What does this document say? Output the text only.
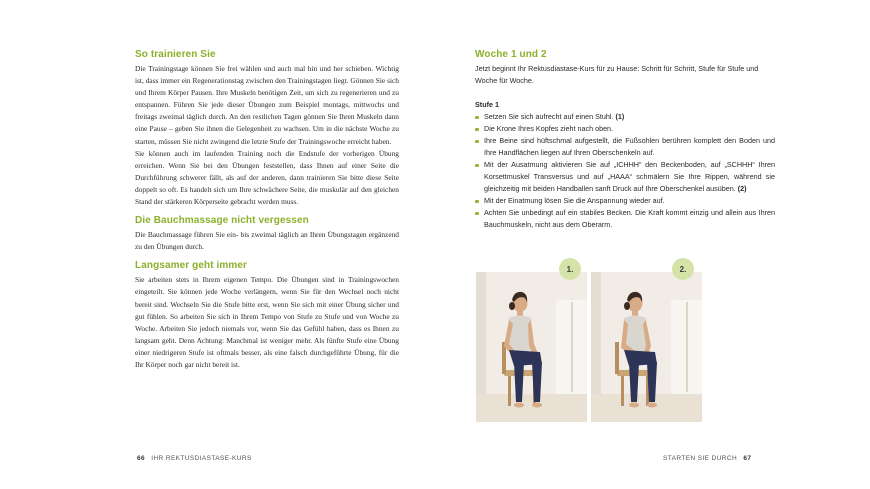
So trainieren Sie

Die Trainingstage können Sie frei wählen und auch mal hin und her schieben. Wichtig ist, dass immer ein Regenerationstag zwischen den Trainingstagen liegt. Gönnen Sie sich und Ihrem Körper Pausen. Ihre Muskeln benötigen Zeit, um sich zu regenerieren und zu entspannen. Führen Sie jede dieser Übungen zum Beispiel montags, mittwochs und freitags zweimal täglich durch. An den restlichen Tagen gönnen Sie Ihren Muskeln dann eine Pause – geben Sie ihnen die Gelegenheit zu wachsen. Um in die nächste Woche zu starten, müssen Sie nicht zwingend die letzte Stufe der Trainingswoche erreicht haben.

Sie können auch im laufenden Training noch die Endstufe der vorherigen Übung erreichen. Wenn Sie bei den Übungen feststellen, dass Ihnen auf einer Seite die Durchführung schwerer fällt, als auf der anderen, dann trainieren Sie bitte diese Seite doppelt so oft. Es handelt sich um Ihre schwächere Seite, die muskulär auf den gleichen Stand der stärkeren Körperseite gebracht werden muss.

Die Bauchmassage nicht vergessen

Die Bauchmassage führen Sie ein- bis zweimal täglich an Ihren Übungstagen ergänzend zu den Übungen durch.

Langsamer geht immer

Sie arbeiten stets in Ihrem eigenen Tempo. Die Übungen sind in Trainingswochen eingeteilt. Sie können jede Woche verlängern, wenn Sie für den Wechsel noch nicht bereit sind. Wechseln Sie die Stufe bitte erst, wenn Sie sich mit einer Übung sicher und gut fühlen. So arbeiten Sie sich in Ihrem Tempo von Stufe zu Stufe und von Woche zu Woche. Arbeiten Sie jedoch niemals vor, wenn Sie das Gefühl haben, dass es Ihnen zu langsam geht. Denn Achtung: Manchmal ist weniger mehr. Als fünfte Stufe eine Übung einer niedrigeren Stufe ist oftmals besser, als eine falsch durchgeführte Übung, für die Ihr Körper noch gar nicht bereit ist.

66 IHR REKTUSDIASTASE-KURS
Woche 1 und 2

Jetzt beginnt Ihr Rektusdiastase-Kurs für zu Hause: Schritt für Schritt, Stufe für Stufe und Woche für Woche.

Stufe 1

Setzen Sie sich aufrecht auf einen Stuhl. (1)
Die Krone Ihres Kopfes zieht nach oben.
Ihre Beine sind hüftschmal aufgestellt, die Fußsohlen berühren komplett den Boden und Ihre Handflächen liegen auf Ihren Oberschenkeln auf.
Mit der Ausatmung aktivieren Sie auf „ICHHH“ den Beckenboden, auf „SCHHH“ Ihren Korsettmuskel Transversus und auf „HAAA“ schmälern Sie Ihre Rippen, während sie gleichzeitig mit beiden Handballen sanft Druck auf Ihre Oberschenkel ausüben. (2)
Mit der Einatmung lösen Sie die Anspannung wieder auf.
Achten Sie unbedingt auf ein stabiles Becken. Die Kraft kommt einzig und allein aus Ihren Bauchmuskeln, nicht aus dem Oberarm.
1.	2.
STARTEN SIE DURCH 67
